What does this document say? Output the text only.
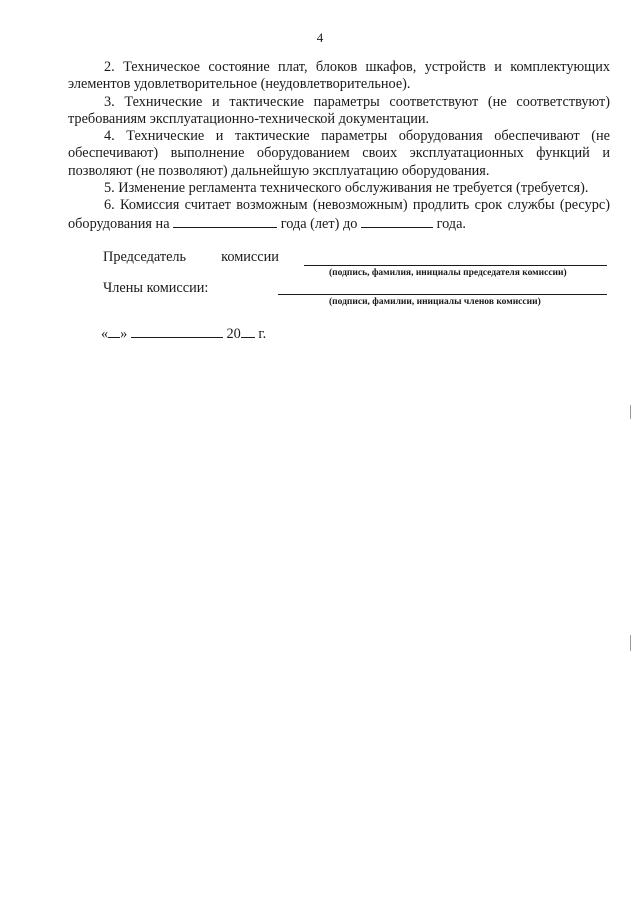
4

2. Техническое состояние плат, блоков шкафов, устройств и комплектующих элементов удовлетворительное (неудовлетворительное).

3. Технические и тактические параметры соответствуют (не соответствуют) требованиям эксплуатационно-технической документации.

4. Технические и тактические параметры оборудования обеспечивают (не обеспечивают) выполнение оборудованием своих эксплуатационных функций и позволяют (не позволяют) дальнейшую эксплуатацию оборудования.

5. Изменение регламента технического обслуживания не требуется (требуется).

6. Комиссия считает возможным (невозможным) продлить срок службы (ресурс) оборудования на	года (лет) до	года.

Председатель комиссии
(подпись, фамилия, инициалы председателя комиссии)
Члены комиссии:
(подписи, фамилии, инициалы членов комиссии)
« »	20 г.
